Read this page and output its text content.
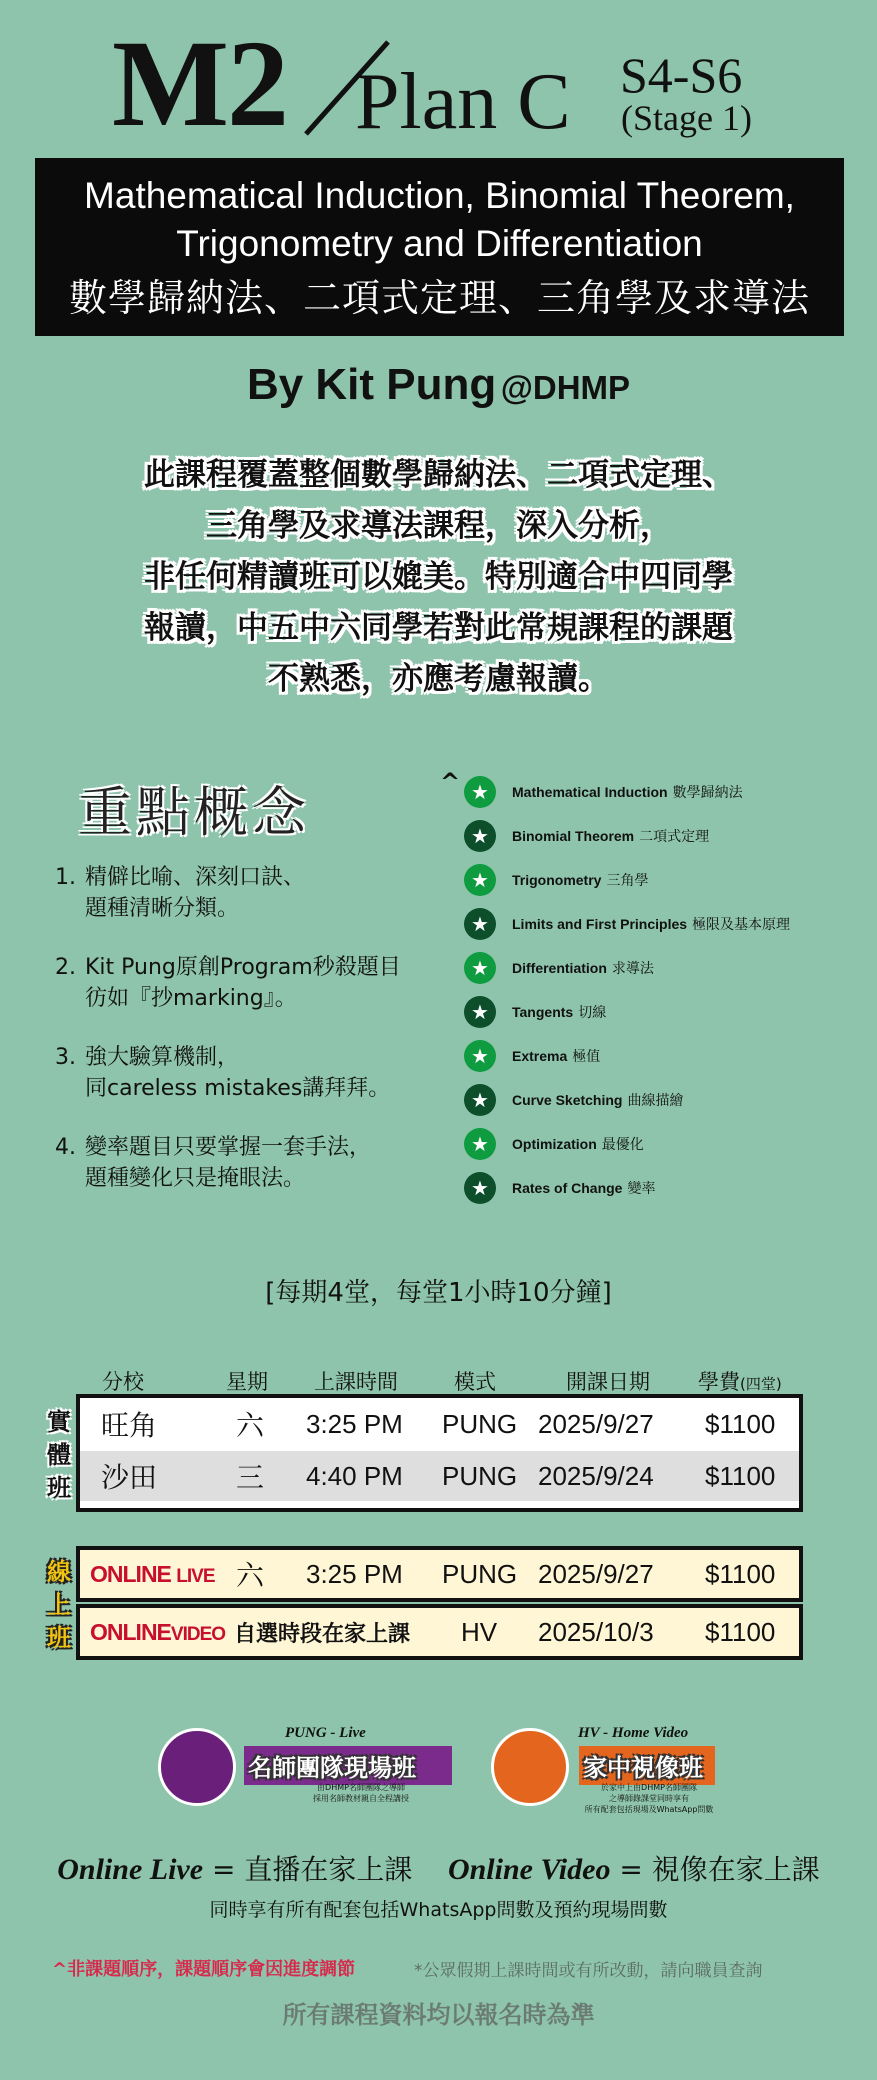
M2 Plan C S4-S6
(Stage 1)
Mathematical Induction, Binomial Theorem,
Trigonometry and Differentiation
數學歸納法、二項式定理、三角學及求導法
By Kit Pung @DHMP
此課程覆蓋整個數學歸納法、二項式定理、
三角學及求導法課程，深入分析，
非任何精讀班可以媲美。特別適合中四同學
報讀，中五中六同學若對此常規課程的課題
不熟悉，亦應考慮報讀。
重點概念
1. 精僻比喻、深刻口訣、
題種清晰分類。
2. Kit Pung原創Program秒殺題目
彷如『抄marking』。
3. 強大驗算機制，
同careless mistakes講拜拜。
4. 變率題目只要掌握一套手法，
題種變化只是掩眼法。
^ ★	Mathematical Induction 數學歸納法
★	Binomial Theorem 二項式定理
★	Trigonometry 三角學
★	Limits and First Principles 極限及基本原理
★	Differentiation 求導法
★	Tangents 切線
★	Extrema 極值
★	Curve Sketching 曲線描繪
★	Optimization 最優化
★	Rates of Change 變率
[每期4堂，每堂1小時10分鐘]
分校	星期 上課時間	模式	開課日期 學費(四堂)
實體班
旺角	六 3:25 PM PUNG 2025/9/27 $1100
沙田	三 4:40 PM PUNG 2025/9/24 $1100
線上班
ONLINE LIVE 六 3:25 PM PUNG 2025/9/27 $1100
ONLINEVIDEO 自選時段在家上課 HV 2025/10/3 $1100
PUNG - Live
名師團隊現場班
由DHMP名師團隊之導師
採用名師教材親自全程講授
HV - Home Video
家中視像班
於家中上由DHMP名師團隊
之導師錄課堂同時享有
所有配套包括現場及WhatsApp問數
Online Live = 直播在家上課 Online Video = 視像在家上課
同時享有所有配套包括WhatsApp問數及預約現場問數
^非課題順序，課題順序會因進度調節	*公眾假期上課時間或有所改動，請向職員查詢
所有課程資料均以報名時為準
